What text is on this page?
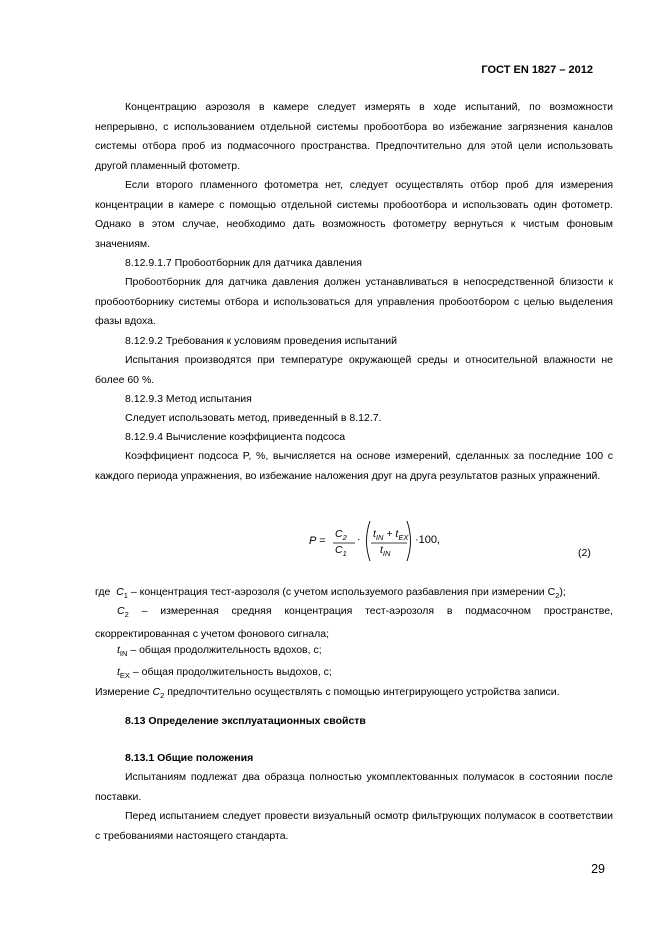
ГОСТ EN 1827 – 2012
Концентрацию аэрозоля в камере следует измерять в ходе испытаний, по возможности непрерывно, с использованием отдельной системы пробоотбора во избежание загрязнения каналов системы отбора проб из подмасочного пространства. Предпочтительно для этой цели использовать другой пламенный фотометр.
Если второго пламенного фотометра нет, следует осуществлять отбор проб для измерения концентрации в камере с помощью отдельной системы пробоотбора и использовать один фотометр. Однако в этом случае, необходимо дать возможность фотометру вернуться к чистым фоновым значениям.
8.12.9.1.7 Пробоотборник для датчика давления
Пробоотборник для датчика давления должен устанавливаться в непосредственной близости к пробоотборнику системы отбора и использоваться для управления пробоотбором с целью выделения фазы вдоха.
8.12.9.2 Требования к условиям проведения испытаний
Испытания производятся при температуре окружающей среды и относительной влажности не более 60 %.
8.12.9.3 Метод испытания
Следует использовать метод, приведенный в 8.12.7.
8.12.9.4 Вычисление коэффициента подсоса
Коэффициент подсоса P, %, вычисляется на основе измерений, сделанных за последние 100 с каждого периода упражнения, во избежание наложения друг на друга результатов разных упражнений.
P =
$C_2$
$C_1$
· $t_{IN} + t_{EX}$
$t_{IN}$
·100,
(2)
где $C_1$ – концентрация тест-аэрозоля (с учетом используемого разбавления при измерении $C_2$);
$C_2$ – измеренная средняя концентрация тест-аэрозоля в подмасочном пространстве, скорректированная с учетом фонового сигнала;
$t_{IN}$ – общая продолжительность вдохов, с;
$t_{EX}$ – общая продолжительность выдохов, с;
Измерение $C_2$ предпочтительно осуществлять с помощью интегрирующего устройства записи.
8.13 Определение эксплуатационных свойств
8.13.1 Общие положения
Испытаниям подлежат два образца полностью укомплектованных полумасок в состоянии после поставки.
Перед испытанием следует провести визуальный осмотр фильтрующих полумасок в соответствии с требованиями настоящего стандарта.
29
